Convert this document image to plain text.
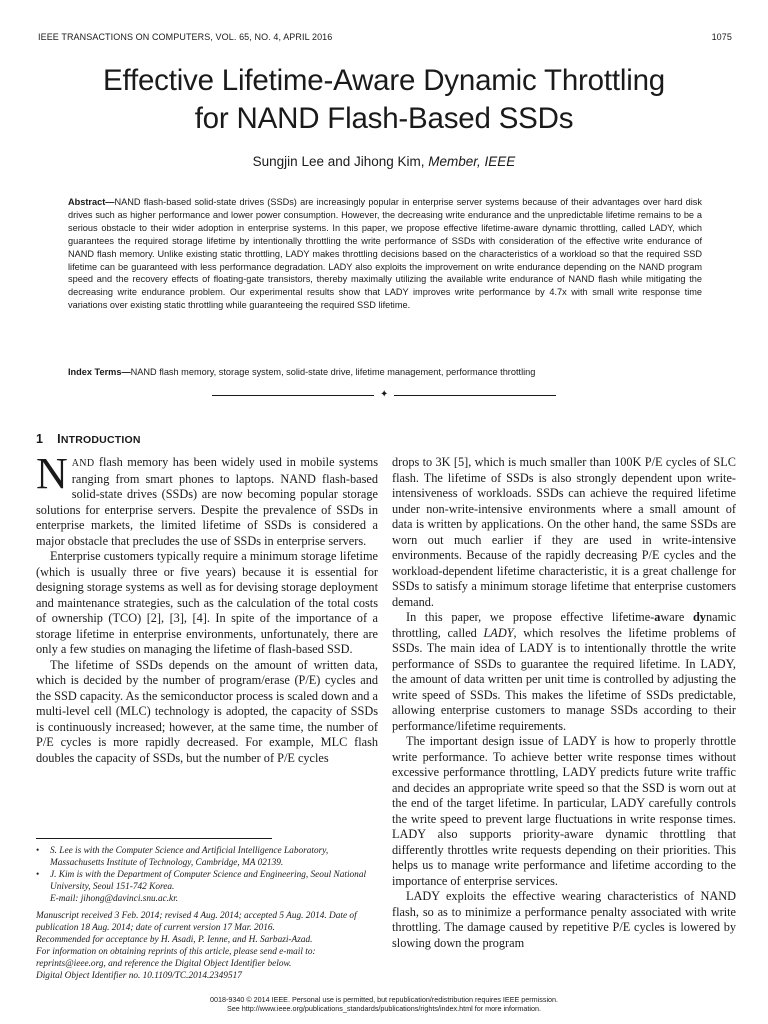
IEEE TRANSACTIONS ON COMPUTERS, VOL. 65, NO. 4, APRIL 2016	1075
Effective Lifetime-Aware Dynamic Throttling
for NAND Flash-Based SSDs
Sungjin Lee and Jihong Kim, Member, IEEE
Abstract—NAND flash-based solid-state drives (SSDs) are increasingly popular in enterprise server systems because of their advantages over hard disk drives such as higher performance and lower power consumption. However, the decreasing write endurance and the unpredictable lifetime remains to be a serious obstacle to their wider adoption in enterprise systems. In this paper, we propose effective lifetime-aware dynamic throttling, called LADY, which guarantees the required storage lifetime by intentionally throttling the write performance of SSDs with consideration of the effective write endurance of NAND flash memory. Unlike existing static throttling, LADY makes throttling decisions based on the characteristics of a workload so that the required SSD lifetime can be guaranteed with less performance degradation. LADY also exploits the improvement on write endurance depending on the NAND program speed and the recovery effects of floating-gate transistors, thereby maximally utilizing the available write endurance of NAND flash while mitigating the decreasing write endurance problem. Our experimental results show that LADY improves write performance by 4.7x with small write response time variations over existing static throttling while guaranteeing the required SSD lifetime.
Index Terms—NAND flash memory, storage system, solid-state drive, lifetime management, performance throttling
✦
1 INTRODUCTION

NAND flash memory has been widely used in mobile systems ranging from smart phones to laptops. NAND flash-based solid-state drives (SSDs) are now becoming popular storage solutions for enterprise servers. Despite the prevalence of SSDs in enterprise markets, the limited lifetime of SSDs is considered a major obstacle that precludes the use of SSDs in enterprise servers.

Enterprise customers typically require a minimum storage lifetime (which is usually three or five years) because it is essential for designing storage systems as well as for devising storage deployment and maintenance strategies, such as the calculation of the total costs of ownership (TCO) [2], [3], [4]. In spite of the importance of a storage lifetime in enterprise environments, unfortunately, there are only a few studies on managing the lifetime of flash-based SSD.

The lifetime of SSDs depends on the amount of written data, which is decided by the number of program/erase (P/E) cycles and the SSD capacity. As the semiconductor process is scaled down and a multi-level cell (MLC) technology is adopted, the capacity of SSDs is continuously increased; however, at the same time, the number of P/E cycles is more rapidly decreased. For example, MLC flash doubles the capacity of SSDs, but the number of P/E cycles

• S. Lee is with the Computer Science and Artificial Intelligence Laboratory, Massachusetts Institute of Technology, Cambridge, MA 02139.

• J. Kim is with the Department of Computer Science and Engineering, Seoul National University, Seoul 151-742 Korea.
E-mail: jihong@davinci.snu.ac.kr.

Manuscript received 3 Feb. 2014; revised 4 Aug. 2014; accepted 5 Aug. 2014. Date of publication 18 Aug. 2014; date of current version 17 Mar. 2016.

Recommended for acceptance by H. Asadi, P. Ienne, and H. Sarbazi-Azad.

For information on obtaining reprints of this article, please send e-mail to: reprints@ieee.org, and reference the Digital Object Identifier below.

Digital Object Identifier no. 10.1109/TC.2014.2349517

drops to 3K [5], which is much smaller than 100K P/E cycles of SLC flash. The lifetime of SSDs is also strongly dependent upon write-intensiveness of workloads. SSDs can achieve the required lifetime under non-write-intensive environments where a small amount of data is written by applications. On the other hand, the same SSDs are worn out much earlier if they are used in write-intensive environments. Because of the rapidly decreasing P/E cycles and the workload-dependent lifetime characteristic, it is a great challenge for SSDs to satisfy a minimum storage lifetime that enterprise customers demand.

In this paper, we propose effective lifetime-aware dynamic throttling, called LADY, which resolves the lifetime problems of SSDs. The main idea of LADY is to intentionally throttle the write performance of SSDs to guarantee the required lifetime. In LADY, the amount of data written per unit time is controlled by adjusting the write speed of SSDs. This makes the lifetime of SSDs predictable, allowing enterprise customers to manage SSDs according to their performance/lifetime requirements.

The important design issue of LADY is how to properly throttle write performance. To achieve better write response times without excessive performance throttling, LADY predicts future write traffic and decides an appropriate write speed so that the SSD is worn out at the end of the target lifetime. In particular, LADY carefully controls the write speed to prevent large fluctuations in write response times. LADY also supports priority-aware dynamic throttling that differently throttles write requests depending on their priorities. This helps us to manage write performance and lifetime according to the importance of enterprise services.

LADY exploits the effective wearing characteristics of NAND flash, so as to minimize a performance penalty associated with write throttling. The damage caused by repetitive P/E cycles is lowered by slowing down the program

0018-9340 © 2014 IEEE. Personal use is permitted, but republication/redistribution requires IEEE permission.
See http://www.ieee.org/publications_standards/publications/rights/index.html for more information.
